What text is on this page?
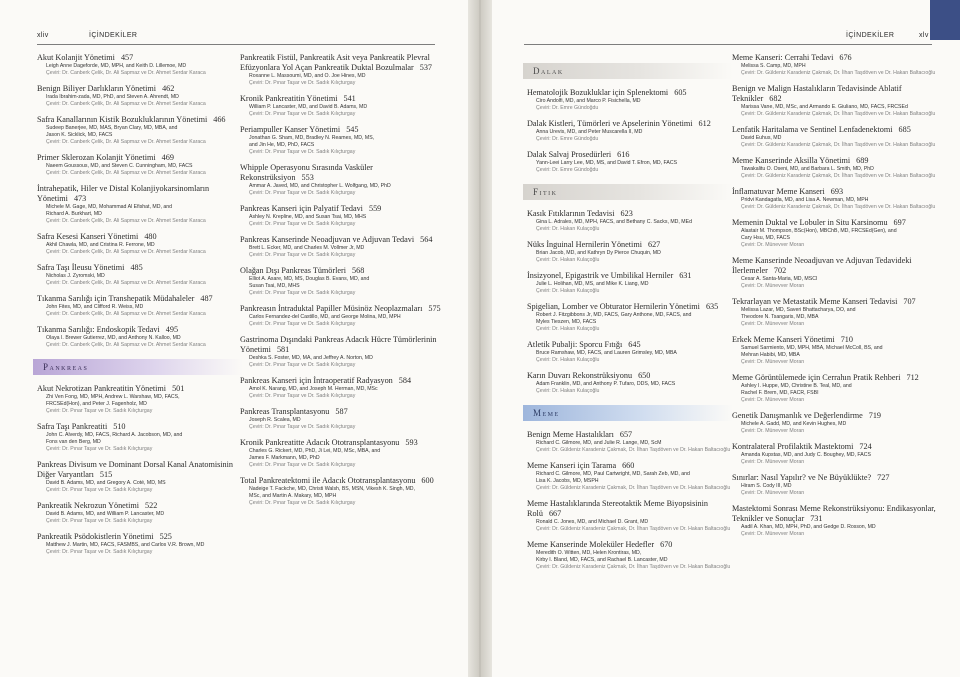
xliv	İÇİNDEKİLER
Akut Kolanjit Yönetimi 457
Leigh Anne Dageforde, MD, MPH, and Keith D. Lillemoe, MD
Çeviri: Dr. Canberk Çelik, Dr. Ali Sapmaz ve Dr. Ahmet Serdar Karaca
Benign Biliyer Darlıkların Yönetimi 462
Irada Ibrahim-zada, MD, PhD, and Steven A. Ahrendt, MD
Çeviri: Dr. Canberk Çelik, Dr. Ali Sapmaz ve Dr. Ahmet Serdar Karaca
Safra Kanallarının Kistik Bozukluklarının Yönetimi 466
Sudeep Banerjee, MD, MAS, Bryan Clary, MD, MBA, and
Jason K. Sicklick, MD, FACS
Çeviri: Dr. Canberk Çelik, Dr. Ali Sapmaz ve Dr. Ahmet Serdar Karaca
Primer Sklerozan Kolanjit Yönetimi 469
Naeem Goussous, MD, and Steven C. Cunningham, MD, FACS
Çeviri: Dr. Canberk Çelik, Dr. Ali Sapmaz ve Dr. Ahmet Serdar Karaca
İntrahepatik, Hiler ve Distal Kolanjiyokarsinomların Yönetimi 473
Michele M. Gage, MD, Mohammad Al Efishat, MD, and
Richard A. Burkhart, MD
Çeviri: Dr. Canberk Çelik, Dr. Ali Sapmaz ve Dr. Ahmet Serdar Karaca
Safra Kesesi Kanseri Yönetimi 480
Akhil Chawla, MD, and Cristina R. Ferrone, MD
Çeviri: Dr. Canberk Çelik, Dr. Ali Sapmaz ve Dr. Ahmet Serdar Karaca
Safra Taşı İleusu Yönetimi 485
Nicholas J. Zyromski, MD
Çeviri: Dr. Canberk Çelik, Dr. Ali Sapmaz ve Dr. Ahmet Serdar Karaca
Tıkanma Sarılığı için Transhepatik Müdahaleler 487
John Fites, MD, and Clifford R. Weiss, MD
Çeviri: Dr. Canberk Çelik, Dr. Ali Sapmaz ve Dr. Ahmet Serdar Karaca
Tıkanma Sarılığı: Endoskopik Tedavi 495
Olaya I. Brewer Gutierrez, MD, and Anthony N. Kalloo, MD
Çeviri: Dr. Canberk Çelik, Dr. Ali Sapmaz ve Dr. Ahmet Serdar Karaca
Pankreas
Akut Nekrotizan Pankreatitin Yönetimi 501
Zhi Ven Fong, MD, MPH, Andrew L. Warshaw, MD, FACS,
FRCSEd(Hon), and Peter J. Fagenholz, MD
Çeviri: Dr. Pınar Taşar ve Dr. Sadık Kılıçturgay
Safra Taşı Pankreatiti 510
John C. Alverdy, MD, FACS, Richard A. Jacobson, MD, and
Fons van den Berg, MD
Çeviri: Dr. Pınar Taşar ve Dr. Sadık Kılıçturgay
Pankreas Divisum ve Dominant Dorsal Kanal Anatomisinin Diğer Varyantları 515
David B. Adams, MD, and Gregory A. Coté, MD, MS
Çeviri: Dr. Pınar Taşar ve Dr. Sadık Kılıçturgay
Pankreatik Nekrozun Yönetimi 522
David B. Adams, MD, and William P. Lancaster, MD
Çeviri: Dr. Pınar Taşar ve Dr. Sadık Kılıçturgay
Pankreatik Psödokistlerin Yönetimi 525
Matthew J. Martin, MD, FACS, FASMBS, and Carlos V.R. Brown, MD
Çeviri: Dr. Pınar Taşar ve Dr. Sadık Kılıçturgay
Pankreatik Fistül, Pankreatik Asit veya Pankreatik Plevral Efüzyonlara Yol Açan Pankreatik Duktal Bozulmalar 537
Roxanne L. Massoumi, MD, and O. Joe Hines, MD
Çeviri: Dr. Pınar Taşar ve Dr. Sadık Kılıçturgay
Kronik Pankreatitin Yönetimi 541
William P. Lancaster, MD, and David B. Adams, MD
Çeviri: Dr. Pınar Taşar ve Dr. Sadık Kılıçturgay
Periampuller Kanser Yönetimi 545
Jonathan G. Sham, MD, Bradley N. Reames, MD, MS,
and Jin He, MD, PhD, FACS
Çeviri: Dr. Pınar Taşar ve Dr. Sadık Kılıçturgay
Whipple Operasyonu Sırasında Vasküler Rekonstrüksiyon 553
Ammar A. Javed, MD, and Christopher L. Wolfgang, MD, PhD
Çeviri: Dr. Pınar Taşar ve Dr. Sadık Kılıçturgay
Pankreas Kanseri için Palyatif Tedavi 559
Ashley N. Krepline, MD, and Susan Tsai, MD, MHS
Çeviri: Dr. Pınar Taşar ve Dr. Sadık Kılıçturgay
Pankreas Kanserinde Neoadjuvan ve Adjuvan Tedavi 564
Brett L. Ecker, MD, and Charles M. Vollmer Jr, MD
Çeviri: Dr. Pınar Taşar ve Dr. Sadık Kılıçturgay
Olağan Dışı Pankreas Tümörleri 568
Elliot A. Asare, MD, MS, Douglas B. Evans, MD, and
Susan Tsai, MD, MHS
Çeviri: Dr. Pınar Taşar ve Dr. Sadık Kılıçturgay
Pankreasın İntraduktal Papiller Müsinöz Neoplazmaları 575
Carlos Fernandez-del Castillo, MD, and George Molina, MD, MPH
Çeviri: Dr. Pınar Taşar ve Dr. Sadık Kılıçturgay
Gastrinoma Dışındaki Pankreas Adacık Hücre Tümörlerinin Yönetimi 581
Deshka S. Foster, MD, MA, and Jeffrey A. Norton, MD
Çeviri: Dr. Pınar Taşar ve Dr. Sadık Kılıçturgay
Pankreas Kanseri için İntraoperatif Radyasyon 584
Amol K. Narang, MD, and Joseph M. Herman, MD, MSc
Çeviri: Dr. Pınar Taşar ve Dr. Sadık Kılıçturgay
Pankreas Transplantasyonu 587
Joseph R. Scalea, MD
Çeviri: Dr. Pınar Taşar ve Dr. Sadık Kılıçturgay
Kronik Pankreatitte Adacık Ototransplantasyonu 593
Charles G. Rickert, MD, PhD, Ji Lei, MD, MSc, MBA, and
James F. Markmann, MD, PhD
Çeviri: Dr. Pınar Taşar ve Dr. Sadık Kılıçturgay
Total Pankreatektomi ile Adacık Ototransplantasyonu 600
Nadeige T. Fackche, MD, Christi Walsh, BS, MSN, Vikesh K. Singh, MD,
MSc, and Martin A. Makary, MD, MPH
Çeviri: Dr. Pınar Taşar ve Dr. Sadık Kılıçturgay
İÇİNDEKİLER	xlv
Dalak
Hematolojik Bozukluklar için Splenektomi 605
Ciro Andolfi, MD, and Marco P. Fisichella, MD
Çeviri: Dr. Emre Gündoğdu
Dalak Kistleri, Tümörleri ve Apselerinin Yönetimi 612
Anna Urevis, MD, and Peter Muscarella II, MD
Çeviri: Dr. Emre Gündoğdu
Dalak Salvaj Prosedürleri 616
Yann-Leei Larry Lee, MD, MS, and David T. Efron, MD, FACS
Çeviri: Dr. Emre Gündoğdu
Fıtık
Kasık Fıtıklarının Tedavisi 623
Gina L. Adrales, MD, MPH, FACS, and Bethany C. Sacks, MD, MEd
Çeviri: Dr. Hakan Kulaçoğlu
Nüks İnguinal Hernilerin Yönetimi 627
Brian Jacob, MD, and Kathryn Dy Pierce Chuquin, MD
Çeviri: Dr. Hakan Kulaçoğlu
İnsizyonel, Epigastrik ve Umbilikal Herniler 631
Julie L. Holihan, MD, MS, and Mike K. Liang, MD
Çeviri: Dr. Hakan Kulaçoğlu
Spigelian, Lomber ve Obturator Hernilerin Yönetimi 635
Robert J. Fitzgibbons Jr, MD, FACS, Gary Anthone, MD, FACS, and
Myles Tieszen, MD, FACS
Çeviri: Dr. Hakan Kulaçoğlu
Atletik Pubalji: Sporcu Fıtığı 645
Bruce Ramshaw, MD, FACS, and Lauren Grimsley, MD, MBA
Çeviri: Dr. Hakan Kulaçoğlu
Karın Duvarı Rekonstrüksiyonu 650
Adam Franklin, MD, and Anthony P. Tufaro, DDS, MD, FACS
Çeviri: Dr. Hakan Kulaçoğlu
Meme
Benign Meme Hastalıkları 657
Richard C. Gilmore, MD, and Julie R. Lange, MD, ScM
Çeviri: Dr. Güldeniz Karadeniz Çakmak, Dr. İlhan Taşdöven ve Dr. Hakan Baltacıoğlu
Meme Kanseri için Tarama 660
Richard C. Gilmore, MD, Paul Cartwright, MD, Sarah Zeb, MD, and
Lisa K. Jacobs, MD, MSPH
Çeviri: Dr. Güldeniz Karadeniz Çakmak, Dr. İlhan Taşdöven ve Dr. Hakan Baltacıoğlu
Meme Hastalıklarında Stereotaktik Meme Biyopsisinin Rolü 667
Ronald C. Jones, MD, and Michael D. Grant, MD
Çeviri: Dr. Güldeniz Karadeniz Çakmak, Dr. İlhan Taşdöven ve Dr. Hakan Baltacıoğlu
Meme Kanserinde Moleküler Hedefler 670
Meredith O. Witten, MD, Helen Krontiras, MD,
Kirby I. Bland, MD, FACS, and Rachael B. Lancaster, MD
Çeviri: Dr. Güldeniz Karadeniz Çakmak, Dr. İlhan Taşdöven ve Dr. Hakan Baltacıoğlu
Meme Kanseri: Cerrahi Tedavi 676
Melissa S. Camp, MD, MPH
Çeviri: Dr. Güldeniz Karadeniz Çakmak, Dr. İlhan Taşdöven ve Dr. Hakan Baltacıoğlu
Benign ve Malign Hastalıkların Tedavisinde Ablatif Teknikler 682
Marissa Vane, MD, MSc, and Armando E. Giuliano, MD, FACS, FRCSEd
Çeviri: Dr. Güldeniz Karadeniz Çakmak, Dr. İlhan Taşdöven ve Dr. Hakan Baltacıoğlu
Lenfatik Haritalama ve Sentinel Lenfadenektomi 685
David Euhus, MD
Çeviri: Dr. Güldeniz Karadeniz Çakmak, Dr. İlhan Taşdöven ve Dr. Hakan Baltacıoğlu
Meme Kanserinde Aksilla Yönetimi 689
Tawakalitu O. Oseni, MD, and Barbara L. Smith, MD, PhD
Çeviri: Dr. Güldeniz Karadeniz Çakmak, Dr. İlhan Taşdöven ve Dr. Hakan Baltacıoğlu
İnflamatuvar Meme Kanseri 693
Pridvi Kandagatla, MD, and Lisa A. Newman, MD, MPH
Çeviri: Dr. Güldeniz Karadeniz Çakmak, Dr. İlhan Taşdöven ve Dr. Hakan Baltacıoğlu
Memenin Duktal ve Lobuler in Situ Karsinomu 697
Alastair M. Thompson, BSc(Hon), MBChB, MD, FRCSEd(Gen), and
Cary Hsu, MD, FACS
Çeviri: Dr. Münevver Moran
Meme Kanserinde Neoadjuvan ve Adjuvan Tedavideki İlerlemeler 702
Cesar A. Santa-Maria, MD, MSCI
Çeviri: Dr. Münevver Moran
Tekrarlayan ve Metastatik Meme Kanseri Tedavisi 707
Melissa Lazar, MD, Saveri Bhattacharya, DO, and
Theodore N. Tsangaris, MD, MBA
Çeviri: Dr. Münevver Moran
Erkek Meme Kanseri Yönetimi 710
Samuel Sarmiento, MD, MPH, MBA, Michael McColl, BS, and
Mehran Habibi, MD, MBA
Çeviri: Dr. Münevver Moran
Meme Görüntülemede için Cerrahın Pratik Rehberi 712
Ashley I. Huppe, MD, Christine B. Teal, MD, and
Rachel F. Brem, MD, FACR, FSBI
Çeviri: Dr. Münevver Moran
Genetik Danışmanlık ve Değerlendirme 719
Michele A. Gadd, MD, and Kevin Hughes, MD
Çeviri: Dr. Münevver Moran
Kontralateral Profilaktik Mastektomi 724
Amanda Kupstas, MD, and Judy C. Boughey, MD, FACS
Çeviri: Dr. Münevver Moran
Sınırlar: Nasıl Yapılır? ve Ne Büyüklükte? 727
Hiram S. Cody III, MD
Çeviri: Dr. Münevver Moran
Mastektomi Sonrası Meme Rekonstrüksiyonu: Endikasyonlar, Teknikler ve Sonuçlar 731
Aadil A. Khan, MD, MPH, PhD, and Gedge D. Rosson, MD
Çeviri: Dr. Münevver Moran
